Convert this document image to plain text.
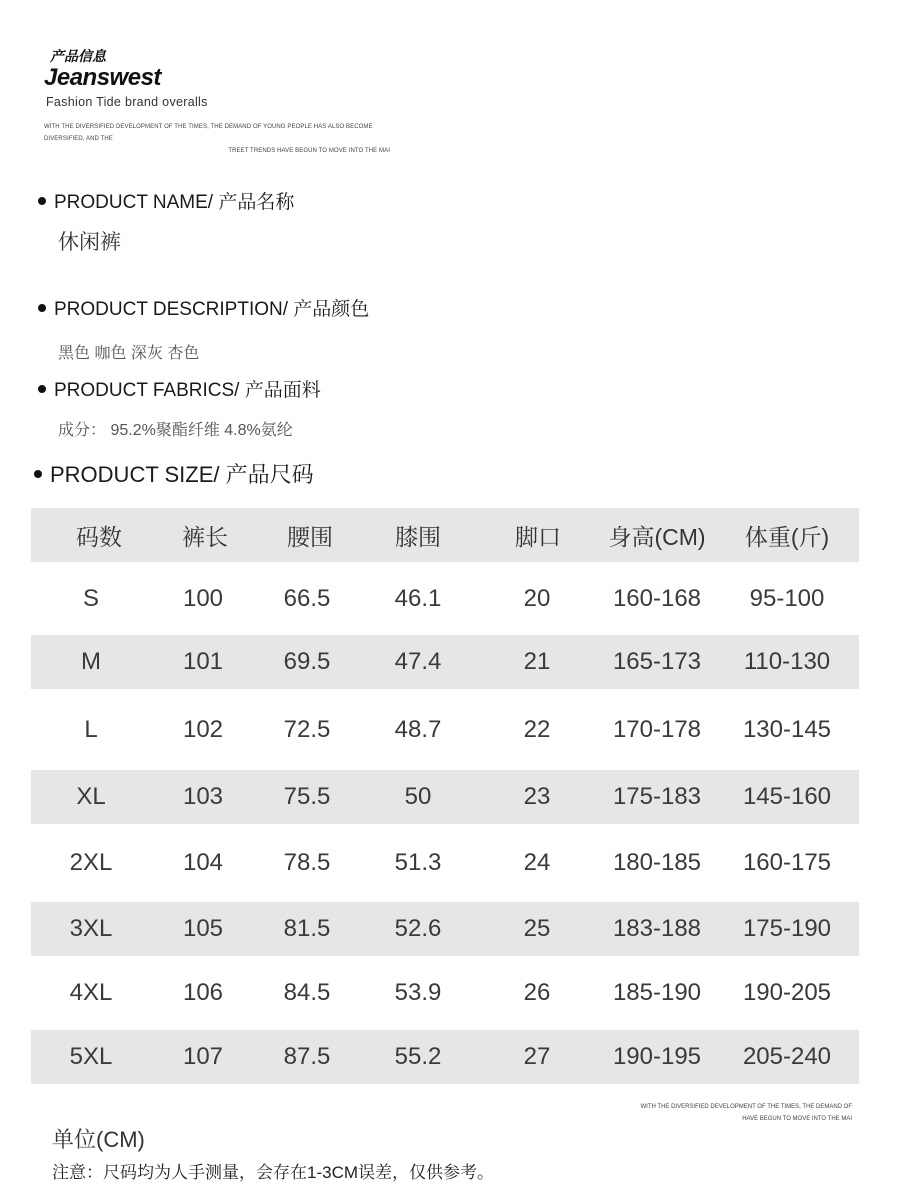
产品信息
Jeanswest
Fashion Tide brand overalls
WITH THE DIVERSIFIED DEVELOPMENT OF THE TIMES, THE DEMAND OF YOUNG PEOPLE HAS ALSO BECOME DIVERSIFIED, AND THE
TREET TRENDS HAVE BEGUN TO MOVE INTO THE MAI
PRODUCT NAME/ 产品名称
休闲裤
PRODUCT DESCRIPTION/ 产品颜色
黑色 咖色 深灰 杏色
PRODUCT FABRICS/ 产品面料
成分： 95.2%聚酯纤维 4.8%氨纶
PRODUCT SIZE/ 产品尺码
码数	裤长	腰围	膝围	脚口	身高(CM)	体重(斤)
S	100	66.5	46.1	20	160-168	95-100
M	101	69.5	47.4	21	165-173	110-130
L	102	72.5	48.7	22	170-178	130-145
XL	103	75.5	50	23	175-183	145-160
2XL	104	78.5	51.3	24	180-185	160-175
3XL	105	81.5	52.6	25	183-188	175-190
4XL	106	84.5	53.9	26	185-190	190-205
5XL	107	87.5	55.2	27	190-195	205-240
WITH THE DIVERSIFIED DEVELOPMENT OF THE TIMES, THE DEMAND OF
HAVE BEGUN TO MOVE INTO THE MAI
单位(CM)
注意：尺码均为人手测量，会存在1-3CM误差，仅供参考。
